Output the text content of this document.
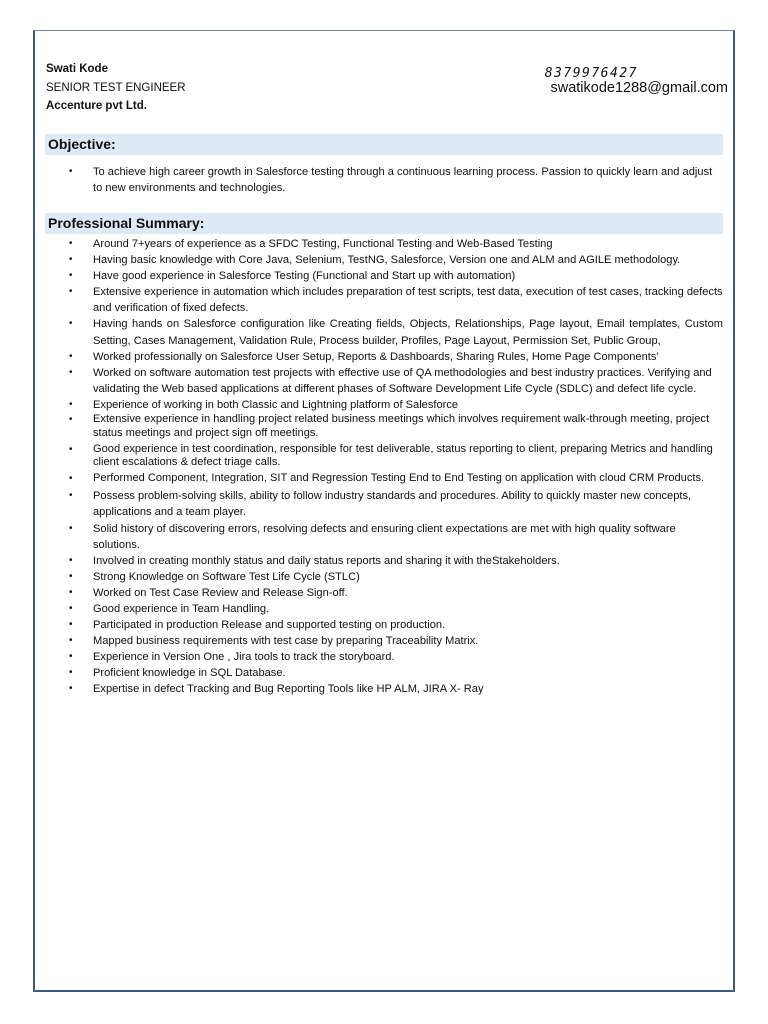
Swati Kode
SENIOR TEST ENGINEER
Accenture pvt Ltd.
8379976427
swatikode1288@gmail.com
Objective:
• To achieve high career growth in Salesforce testing through a continuous learning process. Passion to quickly learn and adjust to new environments and technologies.
Professional Summary:
• Around 7+years of experience as a SFDC Testing, Functional Testing and Web-Based Testing
• Having basic knowledge with Core Java, Selenium, TestNG, Salesforce, Version one and ALM and AGILE methodology.
• Have good experience in Salesforce Testing (Functional and Start up with automation)
• Extensive experience in automation which includes preparation of test scripts, test data, execution of test cases, tracking defects and verification of fixed defects.
• Having hands on Salesforce configuration like Creating fields, Objects, Relationships, Page layout, Email templates, Custom Setting, Cases Management, Validation Rule, Process builder, Profiles, Page Layout, Permission Set, Public Group,
• Worked professionally on Salesforce User Setup, Reports & Dashboards, Sharing Rules, Home Page Components’
• Worked on software automation test projects with effective use of QA methodologies and best industry practices. Verifying and validating the Web based applications at different phases of Software Development Life Cycle (SDLC) and defect life cycle.
• Experience of working in both Classic and Lightning platform of Salesforce
• Extensive experience in handling project related business meetings which involves requirement walk-through meeting, project status meetings and project sign off meetings.
• Good experience in test coordination, responsible for test deliverable, status reporting to client, preparing Metrics and handling client escalations & defect triage calls.
• Performed Component, Integration, SIT and Regression Testing End to End Testing on application with cloud CRM Products.
• Possess problem-solving skills, ability to follow industry standards and procedures. Ability to quickly master new concepts, applications and a team player.
• Solid history of discovering errors, resolving defects and ensuring client expectations are met with high quality software solutions.
• Involved in creating monthly status and daily status reports and sharing it with theStakeholders.
• Strong Knowledge on Software Test Life Cycle (STLC)
• Worked on Test Case Review and Release Sign-off.
• Good experience in Team Handling.
• Participated in production Release and supported testing on production.
• Mapped business requirements with test case by preparing Traceability Matrix.
• Experience in Version One , Jira tools to track the storyboard.
• Proficient knowledge in SQL Database.
• Expertise in defect Tracking and Bug Reporting Tools like HP ALM, JIRA X- Ray
